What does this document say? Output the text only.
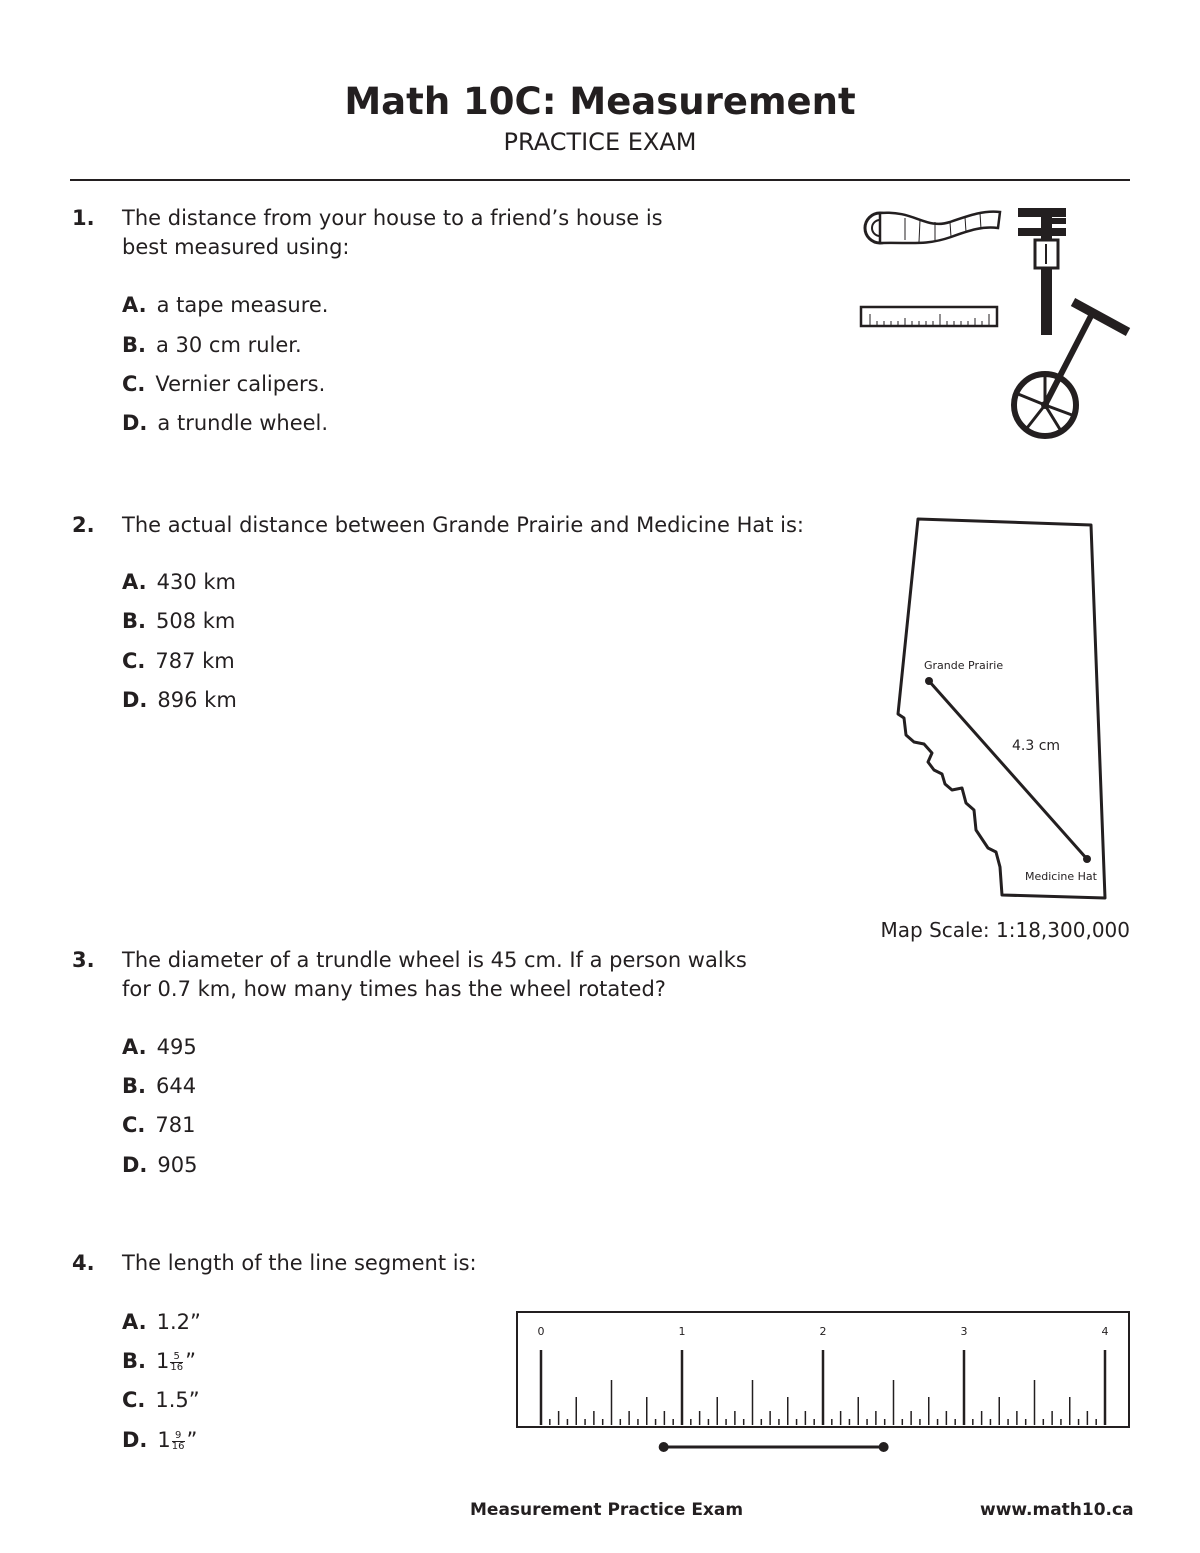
Math 10C: Measurement
PRACTICE EXAM
1. The distance from your house to a friend’s house is
best measured using:
A. a tape measure.
B. a 30 cm ruler.
C. Vernier calipers.
D. a trundle wheel.
2. The actual distance between Grande Prairie and Medicine Hat is:
A. 430 km
B. 508 km
C. 787 km
D. 896 km
Grande Prairie
4.3 cm
Medicine Hat
Map Scale: 1:18,300,000
3. The diameter of a trundle wheel is 45 cm. If a person walks
for 0.7 km, how many times has the wheel rotated?
A. 495
B. 644
C. 781
D. 905
4. The length of the line segment is:
A. 1.2”
B. $1 \frac{5}{16}$ ”
C. 1.5”
D. $1 \frac{9}{16}$ ”
0	1	2	3	4
Measurement Practice Exam	www.math10.ca
